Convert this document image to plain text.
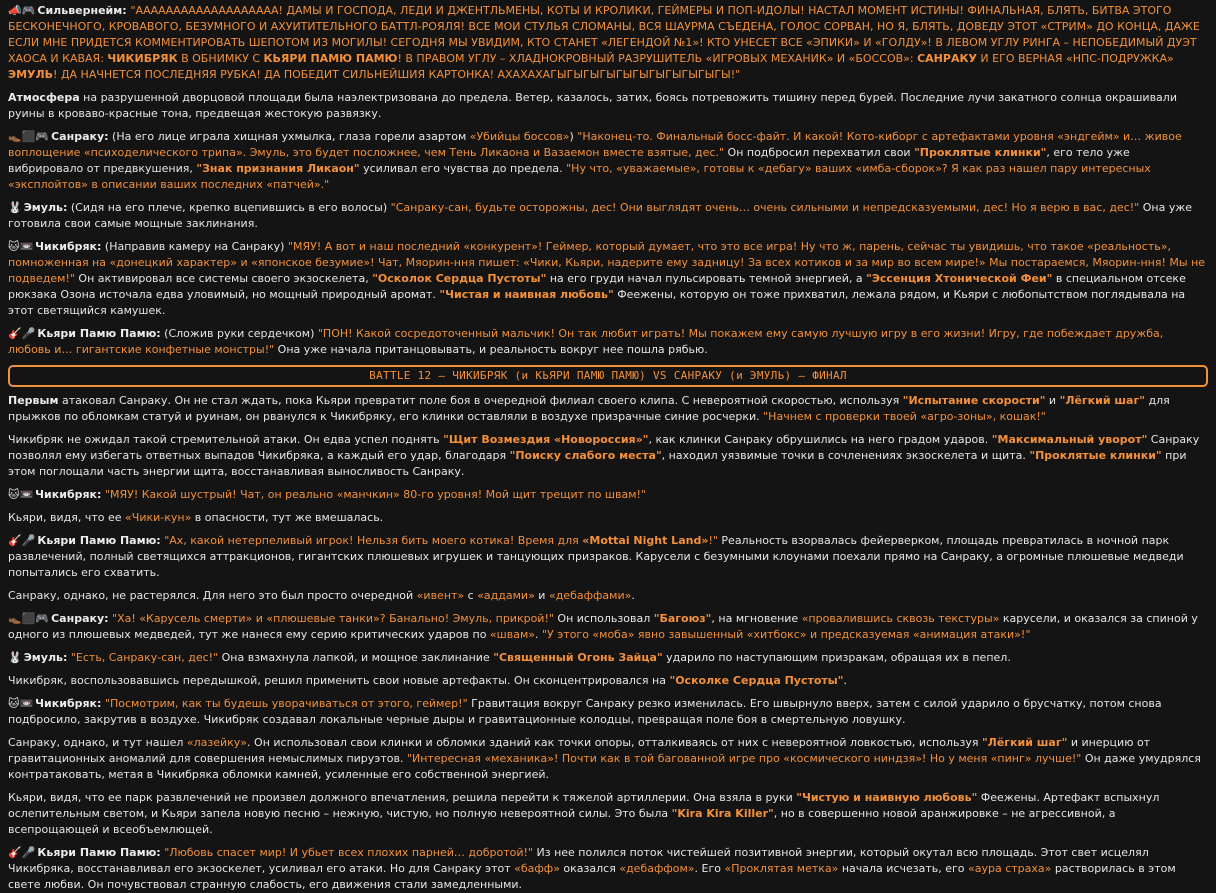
📣🎮Сильвернейм: "ААААААААААААААААААА! ДАМЫ И ГОСПОДА, ЛЕДИ И ДЖЕНТЛЬМЕНЫ, КОТЫ И КРОЛИКИ, ГЕЙМЕРЫ И ПОП-ИДОЛЫ! НАСТАЛ МОМЕНТ ИСТИНЫ! ФИНАЛЬНАЯ, БЛЯТЬ, БИТВА ЭТОГО БЕСКОНЕЧНОГО, КРОВАВОГО, БЕЗУМНОГО И АХУИТИТЕЛЬНОГО БАТТЛ-РОЯЛЯ! ВСЕ МОИ СТУЛЬЯ СЛОМАНЫ, ВСЯ ШАУРМА СЪЕДЕНА, ГОЛОС СОРВАН, НО Я, БЛЯТЬ, ДОВЕДУ ЭТОТ «СТРИМ» ДО КОНЦА, ДАЖЕ ЕСЛИ МНЕ ПРИДЕТСЯ КОММЕНТИРОВАТЬ ШЕПОТОМ ИЗ МОГИЛЫ! СЕГОДНЯ МЫ УВИДИМ, КТО СТАНЕТ «ЛЕГЕНДОЙ №1»! КТО УНЕСЕТ ВСЕ «ЭПИКИ» И «ГОЛДУ»! В ЛЕВОМ УГЛУ РИНГА – НЕПОБЕДИМЫЙ ДУЭТ ХАОСА И КАВАЯ: ЧИКИБРЯК В ОБНИМКУ С КЬЯРИ ПАМЮ ПАМЮ! В ПРАВОМ УГЛУ – ХЛАДНОКРОВНЫЙ РАЗРУШИТЕЛЬ «ИГРОВЫХ МЕХАНИК» И «БОССОВ»: САНРАКУ И ЕГО ВЕРНАЯ «НПС-ПОДРУЖКА» ЭМУЛЬ! ДА НАЧНЕТСЯ ПОСЛЕДНЯЯ РУБКА! ДА ПОБЕДИТ СИЛЬНЕЙШИЯ КАРТОНКА! АХАХАХАГЫГЫГЫГЫГЫГЫГЫГЫГЫГЫГЫ!"
Атмосфера на разрушенной дворцовой площади была наэлектризована до предела. Ветер, казалось, затих, боясь потревожить тишину перед бурей. Последние лучи закатного солнца окрашивали руины в кроваво-красные тона, предвещая жестокую развязку.
👞⬛🎮Санраку: (На его лице играла хищная ухмылка, глаза горели азартом «Убийцы боссов») "Наконец-то. Финальный босс-файт. И какой! Кото-киборг с артефактами уровня «эндгейм» и… живое воплощение «психоделического трипа». Эмуль, это будет посложнее, чем Тень Ликаона и Вазаемон вместе взятые, дес." Он подбросил перехватил свои "Проклятые клинки", его тело уже вибрировало от предвкушения, "Знак признания Ликаон" усиливал его чувства до предела. "Ну что, «уважаемые», готовы к «дебагу» ваших «имба-сборок»? Я как раз нашел пару интересных «эксплойтов» в описании ваших последних «патчей»."
🐰Эмуль: (Сидя на его плече, крепко вцепившись в его волосы) "Санраку-сан, будьте осторожны, дес! Они выглядят очень… очень сильными и непредсказуемыми, дес! Но я верю в вас, дес!" Она уже готовила свои самые мощные заклинания.
🐱📼Чикибряк: (Направив камеру на Санраку) "МЯУ! А вот и наш последний «конкурент»! Геймер, который думает, что это все игра! Ну что ж, парень, сейчас ты увидишь, что такое «реальность», помноженная на «донецкий характер» и «японское безумие»! Чат, Мяорин-ння пишет: «Чики, Кьяри, надерите ему задницу! За всех котиков и за мир во всем мире!» Мы постараемся, Мяорин-ння! Мы не подведем!" Он активировал все системы своего экзоскелета, "Осколок Сердца Пустоты" на его груди начал пульсировать темной энергией, а "Эссенция Хтонической Феи" в специальном отсеке рюкзака Озона источала едва уловимый, но мощный природный аромат. "Чистая и наивная любовь" Феежены, которую он тоже прихватил, лежала рядом, и Кьяри с любопытством поглядывала на этот светящийся камушек.
🎸🎤Кьяри Памю Памю: (Сложив руки сердечком) "ПОН! Какой сосредоточенный мальчик! Он так любит играть! Мы покажем ему самую лучшую игру в его жизни! Игру, где побеждает дружба, любовь и… гигантские конфетные монстры!" Она уже начала пританцовывать, и реальность вокруг нее пошла рябью.
BATTLE 12 – ЧИКИБРЯК (и КЬЯРИ ПАМЮ ПАМЮ) VS САНРАКУ (и ЭМУЛЬ) – ФИНАЛ
Первым атаковал Санраку. Он не стал ждать, пока Кьяри превратит поле боя в очередной филиал своего клипа. С невероятной скоростью, используя "Испытание скорости" и "Лёгкий шаг" для прыжков по обломкам статуй и руинам, он рванулся к Чикибряку, его клинки оставляли в воздухе призрачные синие росчерки. "Начнем с проверки твоей «агро-зоны», кошак!"
Чикибряк не ожидал такой стремительной атаки. Он едва успел поднять "Щит Возмездия «Новороссия»", как клинки Санраку обрушились на него градом ударов. "Максимальный уворот" Санраку позволял ему избегать ответных выпадов Чикибряка, а каждый его удар, благодаря "Поиску слабого места", находил уязвимые точки в сочленениях экзоскелета и щита. "Проклятые клинки" при этом поглощали часть энергии щита, восстанавливая выносливость Санраку.
🐱📼Чикибряк: "МЯУ! Какой шустрый! Чат, он реально «манчкин» 80-го уровня! Мой щит трещит по швам!"
Кьяри, видя, что ее «Чики-кун» в опасности, тут же вмешалась.
🎸🎤Кьяри Памю Памю: "Ах, какой нетерпеливый игрок! Нельзя бить моего котика! Время для «Mottai Night Land»!" Реальность взорвалась фейерверком, площадь превратилась в ночной парк развлечений, полный светящихся аттракционов, гигантских плюшевых игрушек и танцующих призраков. Карусели с безумными клоунами поехали прямо на Санраку, а огромные плюшевые медведи попытались его схватить.
Санраку, однако, не растерялся. Для него это был просто очередной «ивент» с «аддами» и «дебаффами».
👞⬛🎮Санраку: "Ха! «Карусель смерти» и «плюшевые танки»? Банально! Эмуль, прикрой!" Он использовал "Багоюз", на мгновение «провалившись сквозь текстуры» карусели, и оказался за спиной у одного из плюшевых медведей, тут же нанеся ему серию критических ударов по «швам». "У этого «моба» явно завышенный «хитбокс» и предсказуемая «анимация атаки»!"
🐰Эмуль: "Есть, Санраку-сан, дес!" Она взмахнула лапкой, и мощное заклинание "Священный Огонь Зайца" ударило по наступающим призракам, обращая их в пепел.
Чикибряк, воспользовавшись передышкой, решил применить свои новые артефакты. Он сконцентрировался на "Осколке Сердца Пустоты".
🐱📼Чикибряк: "Посмотрим, как ты будешь уворачиваться от этого, геймер!" Гравитация вокруг Санраку резко изменилась. Его швырнуло вверх, затем с силой ударило о брусчатку, потом снова подбросило, закрутив в воздухе. Чикибряк создавал локальные черные дыры и гравитационные колодцы, превращая поле боя в смертельную ловушку.
Санраку, однако, и тут нашел «лазейку». Он использовал свои клинки и обломки зданий как точки опоры, отталкиваясь от них с невероятной ловкостью, используя "Лёгкий шаг" и инерцию от гравитационных аномалий для совершения немыслимых пируэтов. "Интересная «механика»! Почти как в той багованной игре про «космического ниндзя»! Но у меня «пинг» лучше!" Он даже умудрялся контратаковать, метая в Чикибряка обломки камней, усиленные его собственной энергией.
Кьяри, видя, что ее парк развлечений не произвел должного впечатления, решила перейти к тяжелой артиллерии. Она взяла в руки "Чистую и наивную любовь" Феежены. Артефакт вспыхнул ослепительным светом, и Кьяри запела новую песню – нежную, чистую, но полную невероятной силы. Это была "Kira Kira Killer", но в совершенно новой аранжировке – не агрессивной, а всепрощающей и всеобъемлющей.
🎸🎤Кьяри Памю Памю: "Любовь спасет мир! И убьет всех плохих парней… добротой!" Из нее полился поток чистейшей позитивной энергии, который окутал всю площадь. Этот свет исцелял Чикибряка, восстанавливал его экзоскелет, усиливал его атаки. Но для Санраку этот «бафф» оказался «дебаффом». Его «Проклятая метка» начала исчезать, его «аура страха» растворилась в этом свете любви. Он почувствовал странную слабость, его движения стали замедленными.
